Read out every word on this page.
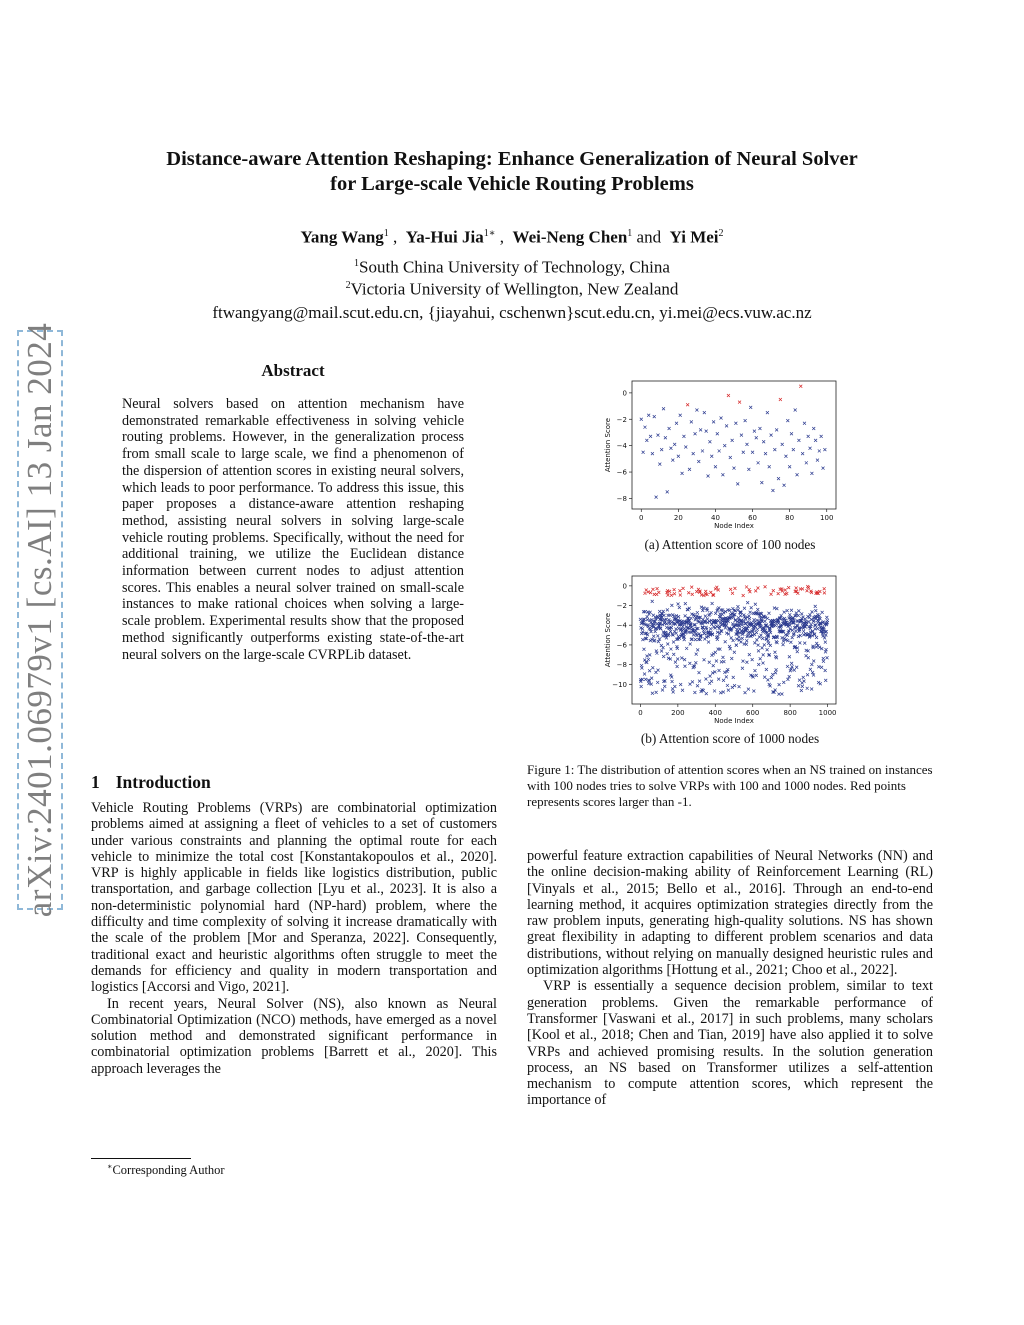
Distance-aware Attention Reshaping: Enhance Generalization of Neural Solver
for Large-scale Vehicle Routing Problems
Yang Wang$^1$ ,  Ya-Hui Jia$^{1∗}$ ,  Wei-Neng Chen$^1$ and  Yi Mei$^2$
$^1$South China University of Technology, China
$^2$Victoria University of Wellington, New Zealand
ftwangyang@mail.scut.edu.cn, {jiayahui, cschenwn}scut.edu.cn, yi.mei@ecs.vuw.ac.nz
arXiv:2401.06979v1 [cs.AI] 13 Jan 2024	Abstract
Neural solvers based on attention mechanism have demonstrated remarkable effectiveness in solving vehicle routing problems. However, in the generalization process from small scale to large scale, we find a phenomenon of the dispersion of attention scores in existing neural solvers, which leads to poor performance. To address this issue, this paper proposes a distance-aware attention reshaping method, assisting neural solvers in solving large-scale vehicle routing problems. Specifically, without the need for additional training, we utilize the Euclidean distance information between current nodes to adjust attention scores. This enables a neural solver trained on small-scale instances to make rational choices when solving a large-scale problem. Experimental results show that the proposed method significantly outperforms existing state-of-the-art neural solvers on the large-scale CVRPLib dataset.
1 Introduction

Vehicle Routing Problems (VRPs) are combinatorial optimization problems aimed at assigning a fleet of vehicles to a set of customers under various constraints and planning the optimal route for each vehicle to minimize the total cost [Konstantakopoulos et al., 2020]. VRP is highly applicable in fields like logistics distribution, public transportation, and garbage collection [Lyu et al., 2023]. It is also a non-deterministic polynomial hard (NP-hard) problem, where the difficulty and time complexity of solving it increase dramatically with the scale of the problem [Mor and Speranza, 2022]. Consequently, traditional exact and heuristic algorithms often struggle to meet the demands for efficiency and quality in modern transportation and logistics [Accorsi and Vigo, 2021].

In recent years, Neural Solver (NS), also known as Neural Combinatorial Optimization (NCO) methods, have emerged as a novel solution method and demonstrated significant performance in combinatorial optimization problems [Barrett et al., 2020]. This approach leverages the

powerful feature extraction capabilities of Neural Networks (NN) and the online decision-making ability of Reinforcement Learning (RL) [Vinyals et al., 2015; Bello et al., 2016]. Through an end-to-end learning method, it acquires optimization strategies directly from the raw problem inputs, generating high-quality solutions. NS has shown great flexibility in adapting to different problem scenarios and data distributions, without relying on manually designed heuristic rules and optimization algorithms [Hottung et al., 2021; Choo et al., 2022].

VRP is essentially a sequence decision problem, similar to text generation problems. Given the remarkable performance of Transformer [Vaswani et al., 2017] in such problems, many scholars [Kool et al., 2018; Chen and Tian, 2019] have also applied it to solve VRPs and achieved promising results. In the solution generation process, an NS based on Transformer utilizes a self-attention mechanism to compute attention scores, which represent the importance of

∗Corresponding Author
0	20	40	60	80	100
0
−2
−4
−6
−8
Node Index
Attention Score
(a) Attention score of 100 nodes
0	200	400	600	800	1000
0
−2
−4
−6
−8
−10
Node Index
Attention Score
(b) Attention score of 1000 nodes
Figure 1: The distribution of attention scores when an NS trained on instances with 100 nodes tries to solve VRPs with 100 and 1000 nodes. Red points represents scores larger than -1.
